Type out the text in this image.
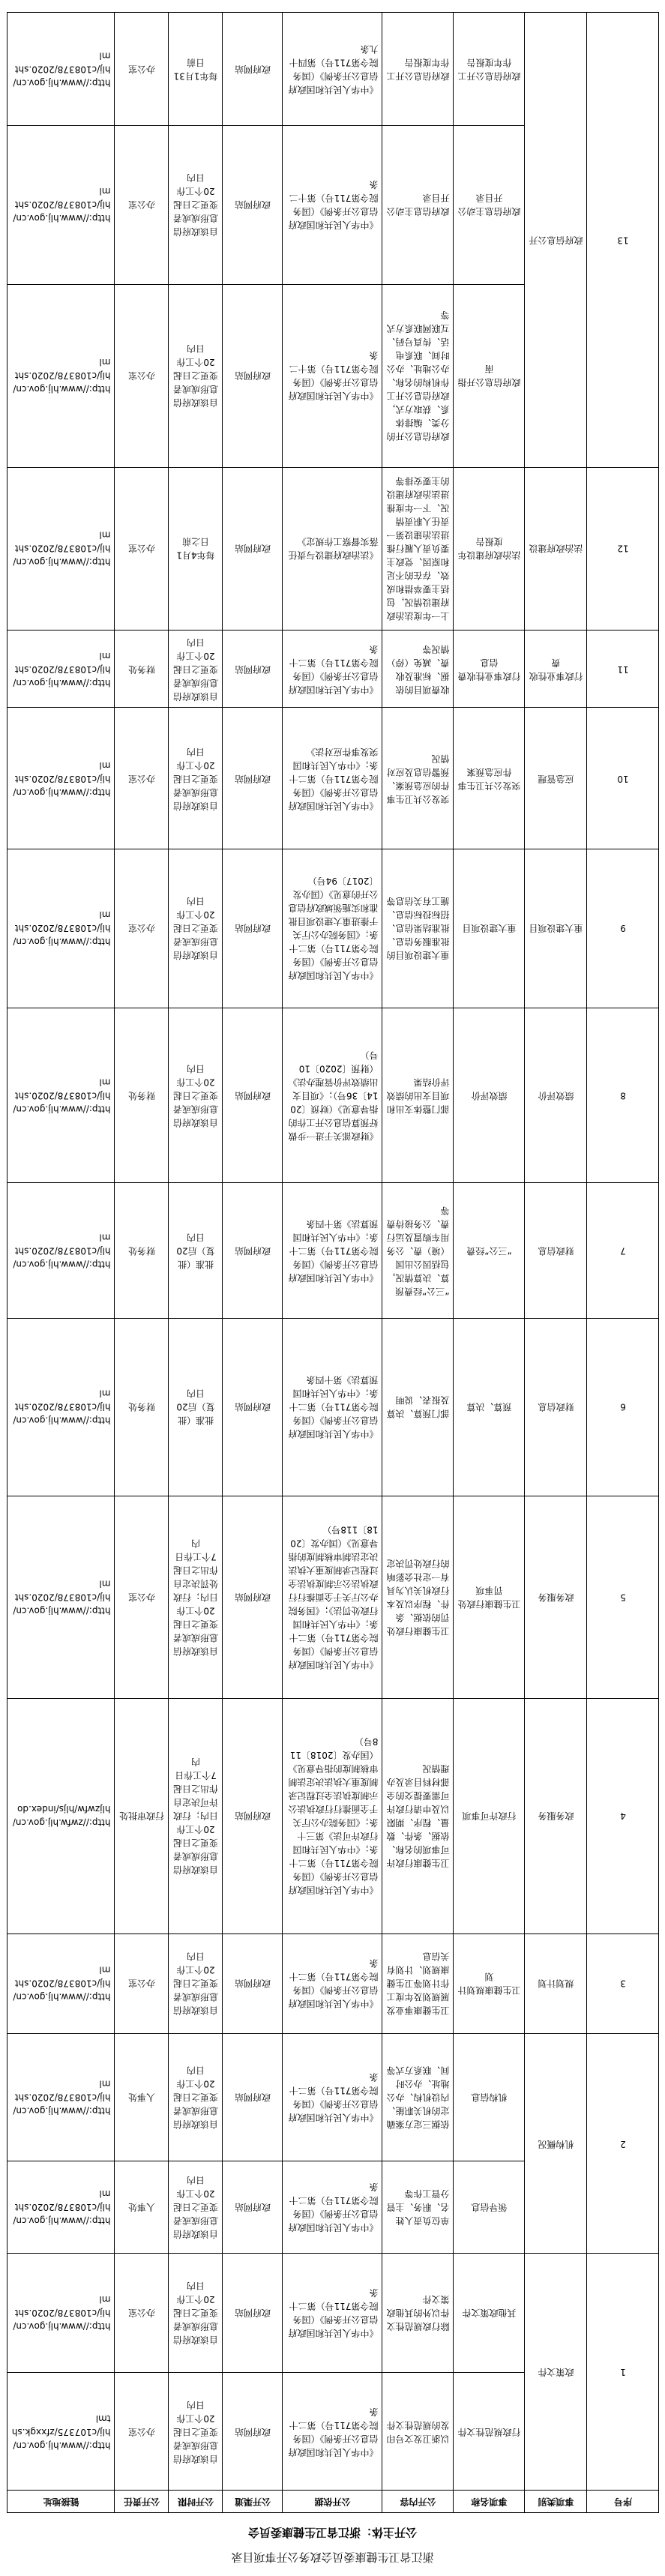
浙江省卫生健康委员会政务公开事项目录
公开主体：浙江省卫生健康委员会
http://www.hlj.gov.cn/hlj/c108378/2020.shtml	办公室	每年1月31日前	政府网站	《中华人民共和国政府信息公开条例》（国务院令第711号）第四十九条	政府信息公开工作年度报告	政府信息公开工作年度报告	政府信息公开	13
http://www.hlj.gov.cn/hlj/c108378/2020.shtml	办公室	自该政府信息形成或者变更之日起20个工作日内	政府网站	《中华人民共和国政府信息公开条例》（国务院令第711号）第十二条	政府信息主动公开目录	政府信息主动公开目录		
http://www.hlj.gov.cn/hlj/c108378/2020.shtml	办公室	自该政府信息形成或者变更之日起20个工作日内	政府网站	《中华人民共和国政府信息公开条例》（国务院令第711号）第十二条	政府信息公开的分类、编排体系、获取方式，政府信息公开工作机构的名称、办公地址、办公时间、联系电话、传真号码、互联网联系方式等	政府信息公开指南		
http://www.hlj.gov.cn/hlj/c108378/2020.shtml	办公室	每年4月1日之前	政府网站	《法治政府建设与责任落实督察工作规定》	上一年度法治政府建设情况，包括主要举措和成效、存在的不足和原因、党政主要负责人履行推进法治建设第一责任人职责情况、下一年度推进法治政府建设的主要安排等	法治政府建设年度报告	法治政府建设	12
http://www.hlj.gov.cn/hlj/c108378/2020.shtml	财务处	自该政府信息形成或者变更之日起20个工作日内	政府网站	《中华人民共和国政府信息公开条例》（国务院令第711号）第二十条	收费项目的依据、标准及收费、减免（停）情况等	行政事业性收费信息	行政事业性收费	11
http://www.hlj.gov.cn/hlj/c108378/2020.shtml	办公室	自该政府信息形成或者变更之日起20个工作日内	政府网站	《中华人民共和国政府信息公开条例》（国务院令第711号）第二十条；《中华人民共和国突发事件应对法》	突发公共卫生事件的应急预案、预警信息及应对情况	突发公共卫生事件应急预案	应急管理	10
http://www.hlj.gov.cn/hlj/c108378/2020.shtml	办公室	自该政府信息形成或者变更之日起20个工作日内	政府网站	《中华人民共和国政府信息公开条例》（国务院令第711号）第二十条；《国务院办公厅关于推进重大建设项目批准和实施领域政府信息公开的意见》（国办发〔2017〕94号）	重大建设项目的批准服务信息、批准结果信息、招标投标信息、施工有关信息等	重大建设项目	重大建设项目	9
http://www.hlj.gov.cn/hlj/c108378/2020.shtml	财务处	自该政府信息形成或者变更之日起20个工作日内	政府网站	《财政部关于进一步做好预算信息公开工作的指导意见》（财预〔2014〕36号）；《项目支出绩效评价管理办法》（财预〔2020〕10号）	部门整体支出和项目支出的绩效评价结果	绩效评价	绩效评价	8
http://www.hlj.gov.cn/hlj/c108378/2020.shtml	财务处	批准（批复）后20日内	政府网站	《中华人民共和国政府信息公开条例》（国务院令第711号）第二十条；《中华人民共和国预算法》第十四条	“三公”经费预算、决算情况，包括因公出国（境）费、公务用车购置及运行费、公务接待费等	“三公”经费	财政信息	7
http://www.hlj.gov.cn/hlj/c108378/2020.shtml	财务处	批准（批复）后20日内	政府网站	《中华人民共和国政府信息公开条例》（国务院令第711号）第二十条；《中华人民共和国预算法》第十四条	部门预算、决算及报表、说明	预算、决算	财政信息	6
http://www.hlj.gov.cn/hlj/c108378/2020.shtml	办公室	自该政府信息形成或者变更之日起20个工作日内；行政处罚决定自作出之日起7个工作日内	政府网站	《中华人民共和国政府信息公开条例》（国务院令第711号）第二十条；《中华人民共和国行政处罚法》；《国务院办公厅关于全面推行行政执法公示制度执法全过程记录制度重大执法决定法制审核制度的指导意见》（国办发〔2018〕118号）	卫生健康行政处罚的依据、条件、程序以及本行政机关认为具有一定社会影响的行政处罚决定	卫生健康行政处罚事项	政务服务	5
http://zwfw.hlj.gov.cn/hljzwfw/hljs/index.do	行政审批处	自该政府信息形成或者变更之日起20个工作日内；行政许可决定自作出之日起7个工作日内	政府网站	《中华人民共和国政府信息公开条例》（国务院令第711号）第二十条；《中华人民共和国行政许可法》第三十条；《国务院办公厅关于全面推行行政执法公示制度执法全过程记录制度重大执法决定法制审核制度的指导意见》（国办发〔2018〕118号）	卫生健康行政许可事项的名称、依据、条件、数量、程序、期限以及申请行政许可需要提交的全部材料目录及办理情况	行政许可事项	政务服务	4
http://www.hlj.gov.cn/hlj/c108378/2020.shtml	办公室	自该政府信息形成或者变更之日起20个工作日内	政府网站	《中华人民共和国政府信息公开条例》（国务院令第711号）第二十条	卫生健康事业发展规划及年度工作计划等卫生健康规划、计划有关信息	卫生健康规划计划	规划计划	3
http://www.hlj.gov.cn/hlj/c108378/2020.shtml	人事处	自该政府信息形成或者变更之日起20个工作日内	政府网站	《中华人民共和国政府信息公开条例》（国务院令第711号）第二十条	依据三定方案确定的机关职能、内设机构、办公地址、办公时间、联系方式等	机构信息	机构概况	2
http://www.hlj.gov.cn/hlj/c108378/2020.shtml	人事处	自该政府信息形成或者变更之日起20个工作日内	政府网站	《中华人民共和国政府信息公开条例》（国务院令第711号）第二十条	单位负责人姓名、职务、主管分管工作等	领导信息		
http://www.hlj.gov.cn/hlj/c108378/2020.shtml	办公室	自该政府信息形成或者变更之日起20个工作日内	政府网站	《中华人民共和国政府信息公开条例》（国务院令第711号）第二十条	除行政规范性文件以外的其他政策文件	其他政策文件	政策文件	1
http://www.hlj.gov.cn/hlj/c107375/zfxxgk.shtml	办公室	自该政府信息形成或者变更之日起20个工作日内	政府网站	《中华人民共和国政府信息公开条例》（国务院令第711号）第二十条	以浙卫发文号印发的规范性文件	行政规范性文件		
链接地址	公开责任	公开时限	公开渠道	公开依据	公开内容	事项名称	事项类别	序号
